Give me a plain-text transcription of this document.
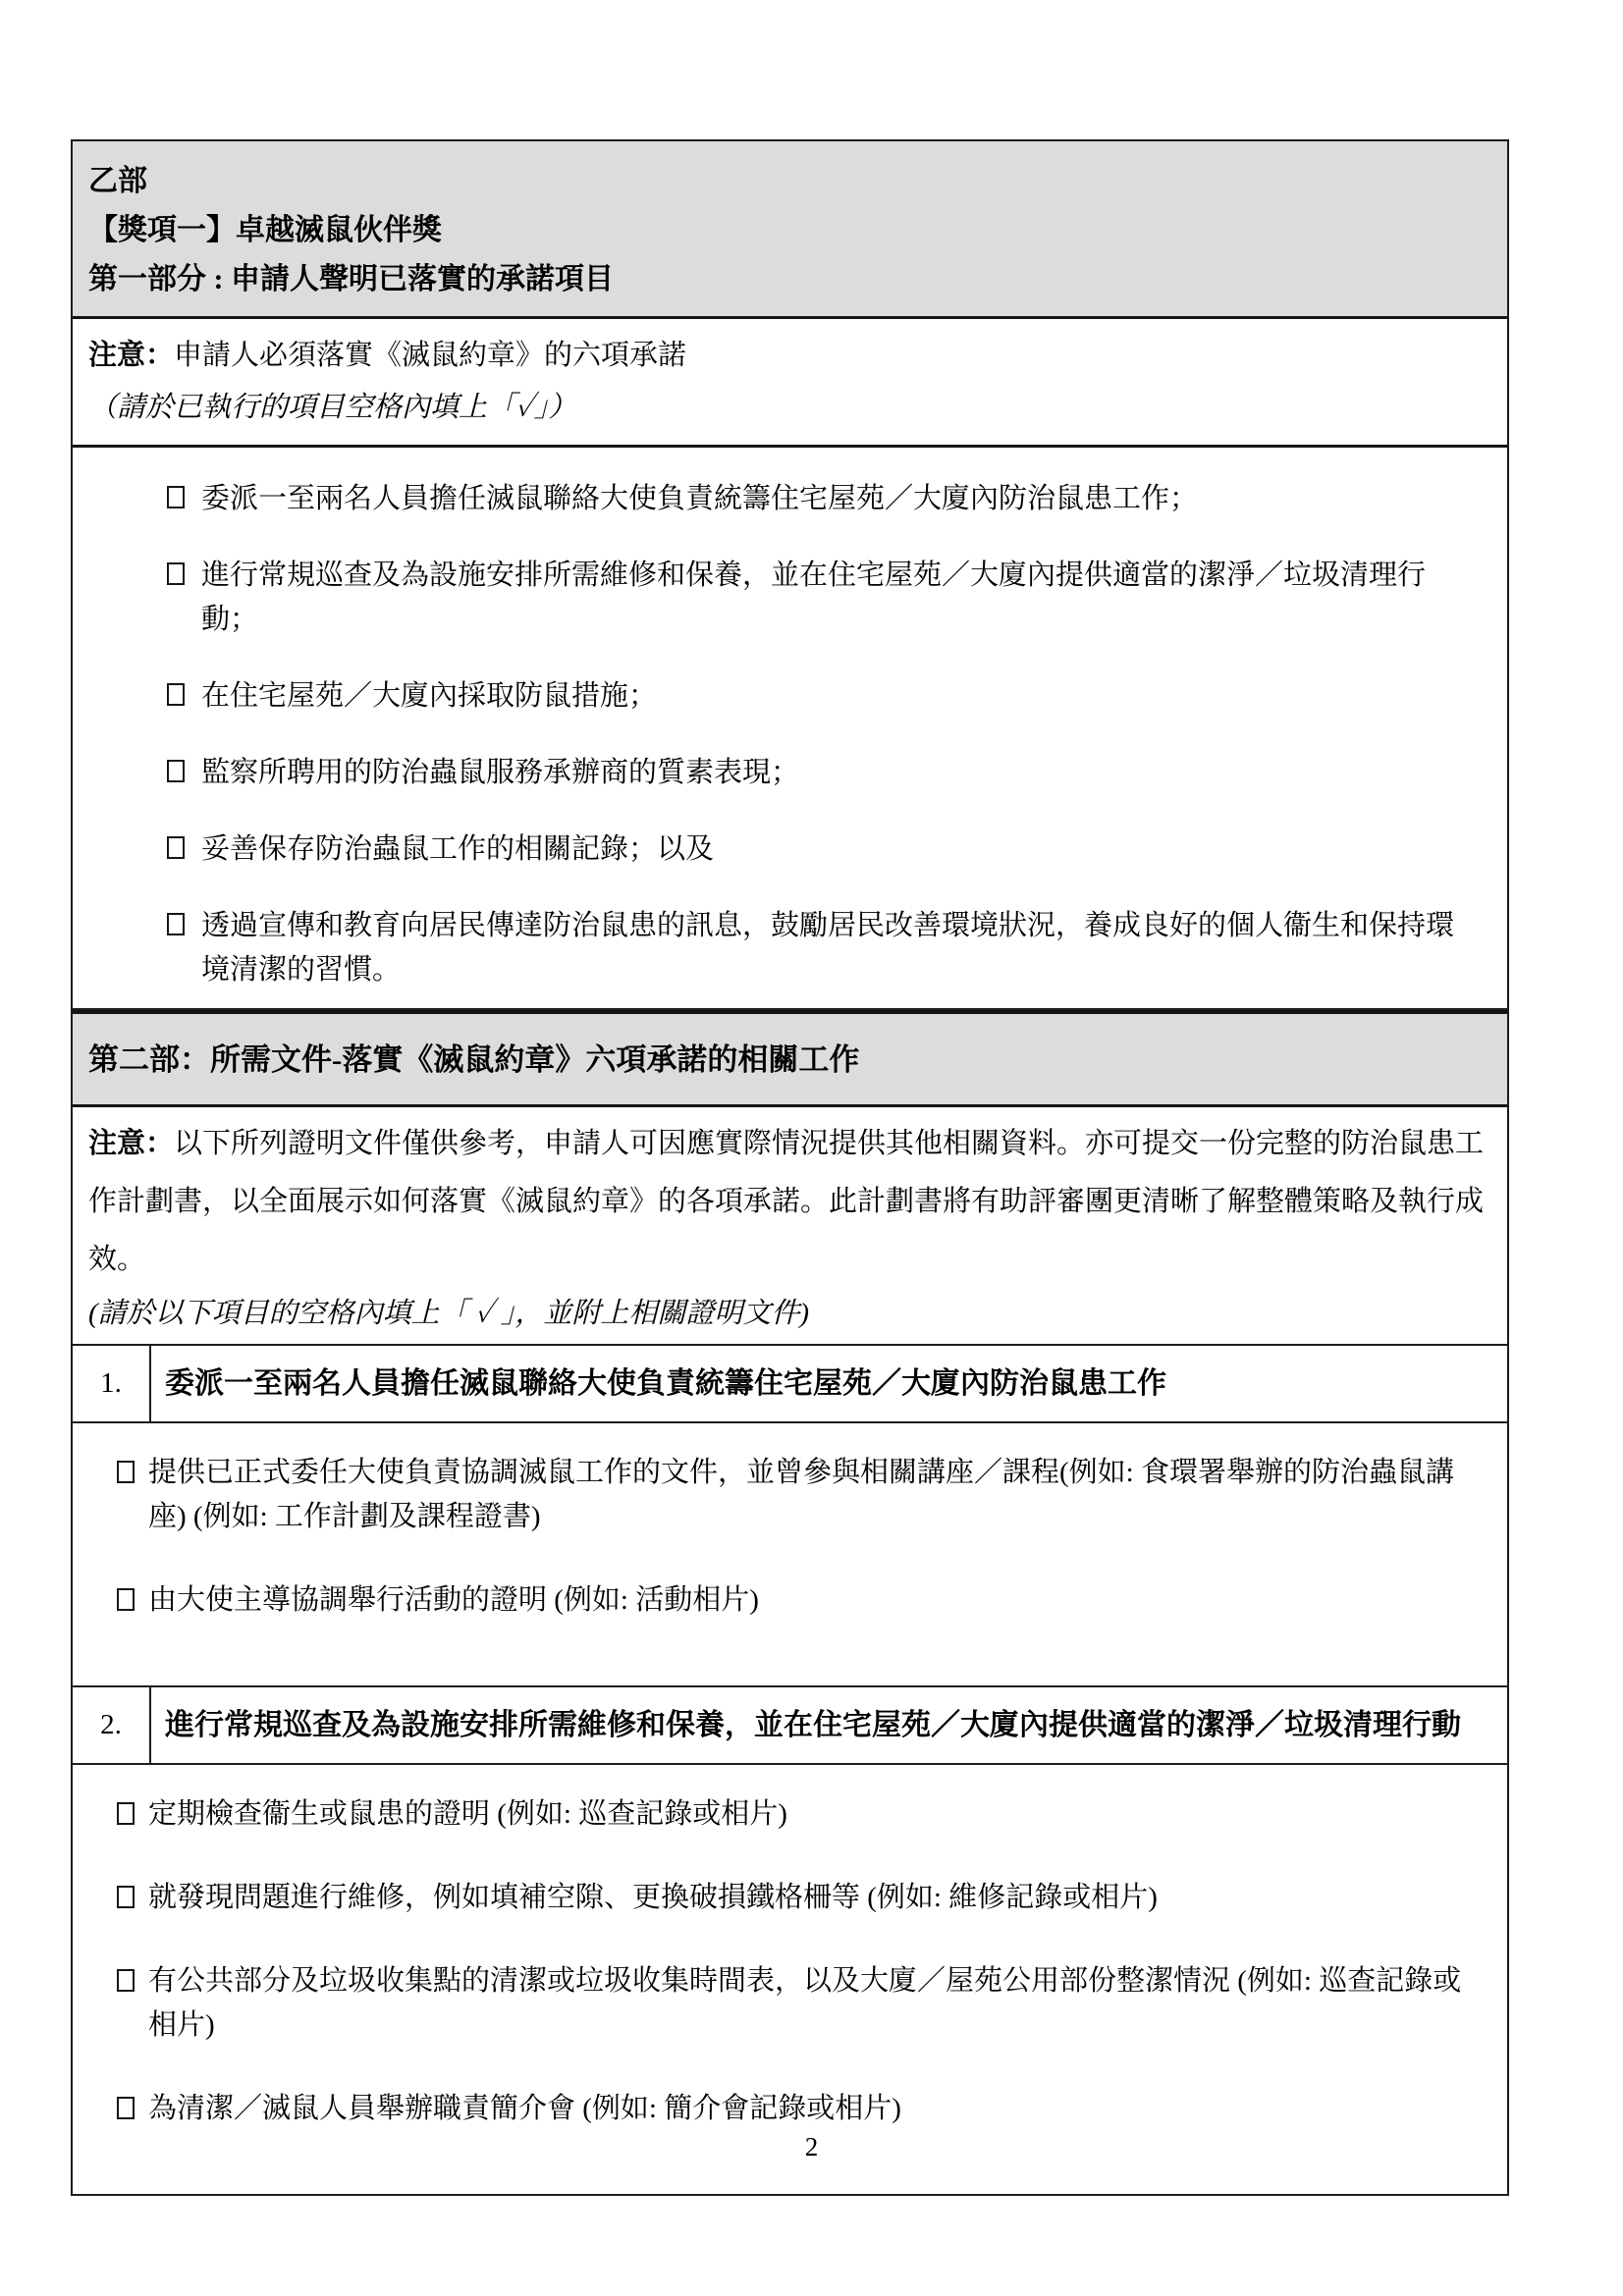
乙部
【獎項一】卓越滅鼠伙伴獎
第一部分 : 申請人聲明已落實的承諾項目
注意：申請人必須落實《滅鼠約章》的六項承諾
（請於已執行的項目空格內填上「✓」）
委派一至兩名人員擔任滅鼠聯絡大使負責統籌住宅屋苑／大廈內防治鼠患工作；
進行常規巡查及為設施安排所需維修和保養，並在住宅屋苑／大廈內提供適當的潔淨／垃圾清理行動；
在住宅屋苑／大廈內採取防鼠措施；
監察所聘用的防治蟲鼠服務承辦商的質素表現；
妥善保存防治蟲鼠工作的相關記錄；以及
透過宣傳和教育向居民傳達防治鼠患的訊息，鼓勵居民改善環境狀況，養成良好的個人衞生和保持環境清潔的習慣。
第二部：所需文件-落實《滅鼠約章》六項承諾的相關工作
注意：以下所列證明文件僅供參考，申請人可因應實際情況提供其他相關資料。亦可提交一份完整的防治鼠患工作計劃書，以全面展示如何落實《滅鼠約章》的各項承諾。此計劃書將有助評審團更清晰了解整體策略及執行成效。
(請於以下項目的空格內填上「 ✓ 」，並附上相關證明文件)
1.	委派一至兩名人員擔任滅鼠聯絡大使負責統籌住宅屋苑／大廈內防治鼠患工作
提供已正式委任大使負責協調滅鼠工作的文件，並曾參與相關講座／課程(例如: 食環署舉辦的防治蟲鼠講座) (例如: 工作計劃及課程證書)
由大使主導協調舉行活動的證明 (例如: 活動相片)
2.	進行常規巡查及為設施安排所需維修和保養，並在住宅屋苑／大廈內提供適當的潔淨／垃圾清理行動
定期檢查衞生或鼠患的證明 (例如: 巡查記錄或相片)
就發現問題進行維修，例如填補空隙、更換破損鐵格柵等 (例如: 維修記錄或相片)
有公共部分及垃圾收集點的清潔或垃圾收集時間表，以及大廈／屋苑公用部份整潔情況 (例如: 巡查記錄或相片)
為清潔／滅鼠人員舉辦職責簡介會 (例如: 簡介會記錄或相片)
2
